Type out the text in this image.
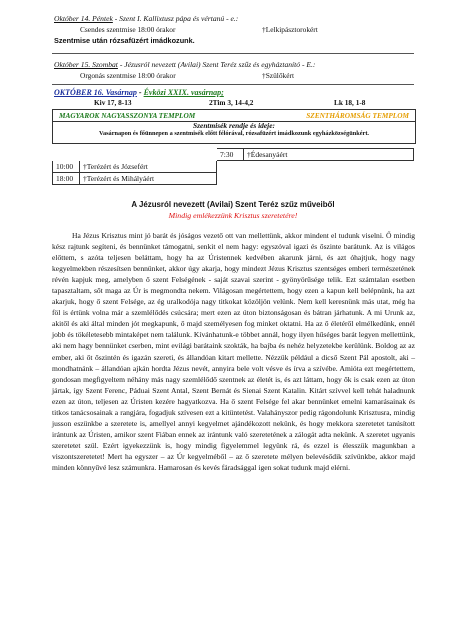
Október 14. Péntek - Szent I. Kallixtusz pápa és vértanú - e.:
Csendes szentmise 18:00 órakor	†Lelkipásztorokért
Szentmise után rózsafüzért imádkozunk.
Október 15. Szombat - Jézusról nevezett (Avilai) Szent Teréz szűz és egyháztanító - E.:
Orgonás szentmise 18:00 órakor	†Szülőkért
OKTÓBER 16. Vasárnap - Évközi XXIX. vasárnap;
Kiv 17, 8-13	2Tim 3, 14-4,2	Lk 18, 1-8
MAGYAROK NAGYASSZONYA TEMPLOM	SZENTHÁROMSÁG TEMPLOM
Szentmisék rendje és ideje:
Vasárnapon és főünnepen a szentmisék előtt félórával, rózsafüzért imádkozunk egyházközségünkért.
		7:30	†Édesanyáért
10:00	†Terézért és Józsefért		
18:00	†Terézért és Mihályáért		
A Jézusról nevezett (Avilai) Szent Teréz szűz műveiből
Mindig emlékezzünk Krisztus szeretetére!

Ha Jézus Krisztus mint jó barát és jóságos vezető ott van mellettünk, akkor mindent el tudunk viselni. Ő mindig kész rajtunk segíteni, és bennünket támogatni, senkit el nem hagy: egyszóval igazi és őszinte barátunk. Az is világos előttem, s azóta teljesen beláttam, hogy ha az Úristennek kedvében akarunk járni, és azt óhajtjuk, hogy nagy kegyelmekben részesítsen bennünket, akkor úgy akarja, hogy mindezt Jézus Krisztus szentséges emberi természetének révén kapjuk meg, amelyben ő szent Felségének - saját szavai szerint - gyönyörűsége telik. Ezt számtalan esetben tapasztaltam, sőt maga az Úr is megmondta nekem. Világosan megértettem, hogy ezen a kapun kell belépnünk, ha azt akarjuk, hogy ő szent Felsége, az ég uralkodója nagy titkokat közöljön velünk. Nem kell keresnünk más utat, még ha föl is értünk volna már a szemlélődés csúcsára; mert ezen az úton biztonságosan és bátran járhatunk. A mi Urunk az, akitől és aki által minden jót megkapunk, ő majd személyesen fog minket oktatni. Ha az ő életéről elmélkedünk, ennél jobb és tökéletesebb mintaképet nem találunk. Kívánhatunk-e többet annál, hogy ilyen hűséges barát legyen mellettünk, aki nem hagy bennünket cserben, mint evilági barátaink szokták, ha bajba és nehéz helyzetekbe kerülünk. Boldog az az ember, aki őt őszintén és igazán szereti, és állandóan kitart mellette. Nézzük például a dicső Szent Pál apostolt, aki – mondhatnánk – állandóan ajkán hordta Jézus nevét, annyira bele volt vésve és írva a szívébe. Amióta ezt megértettem, gondosan megfigyeltem néhány más nagy szemlélődő szentnek az életét is, és azt láttam, hogy ők is csak ezen az úton jártak, így Szent Ferenc, Páduai Szent Antal, Szent Bernát és Sienai Szent Katalin. Kitárt szívvel kell tehát haladnunk ezen az úton, teljesen az Úristen kezére hagyatkozva. Ha ő szent Felsége fel akar bennünket emelni kamarásainak és titkos tanácsosainak a rangjára, fogadjuk szívesen ezt a kitüntetést. Valahányszor pedig rágondolunk Krisztusra, mindig jusson eszünkbe a szeretete is, amellyel annyi kegyelmet ajándékozott nekünk, és hogy mekkora szeretetet tanúsított irántunk az Úristen, amikor szent Fiában ennek az irántunk való szeretetének a zálogát adta nekünk. A szeretet ugyanis szeretetet szül. Ezért igyekezzünk is, hogy mindig figyelemmel legyünk rá, és ezzel is élesszük magunkban a viszontszeretetet! Mert ha egyszer – az Úr kegyelméből – az ő szeretete mélyen belevésődik szívünkbe, akkor majd minden könnyűvé lesz számunkra. Hamarosan és kevés fáradsággal igen sokat tudunk majd elérni.
